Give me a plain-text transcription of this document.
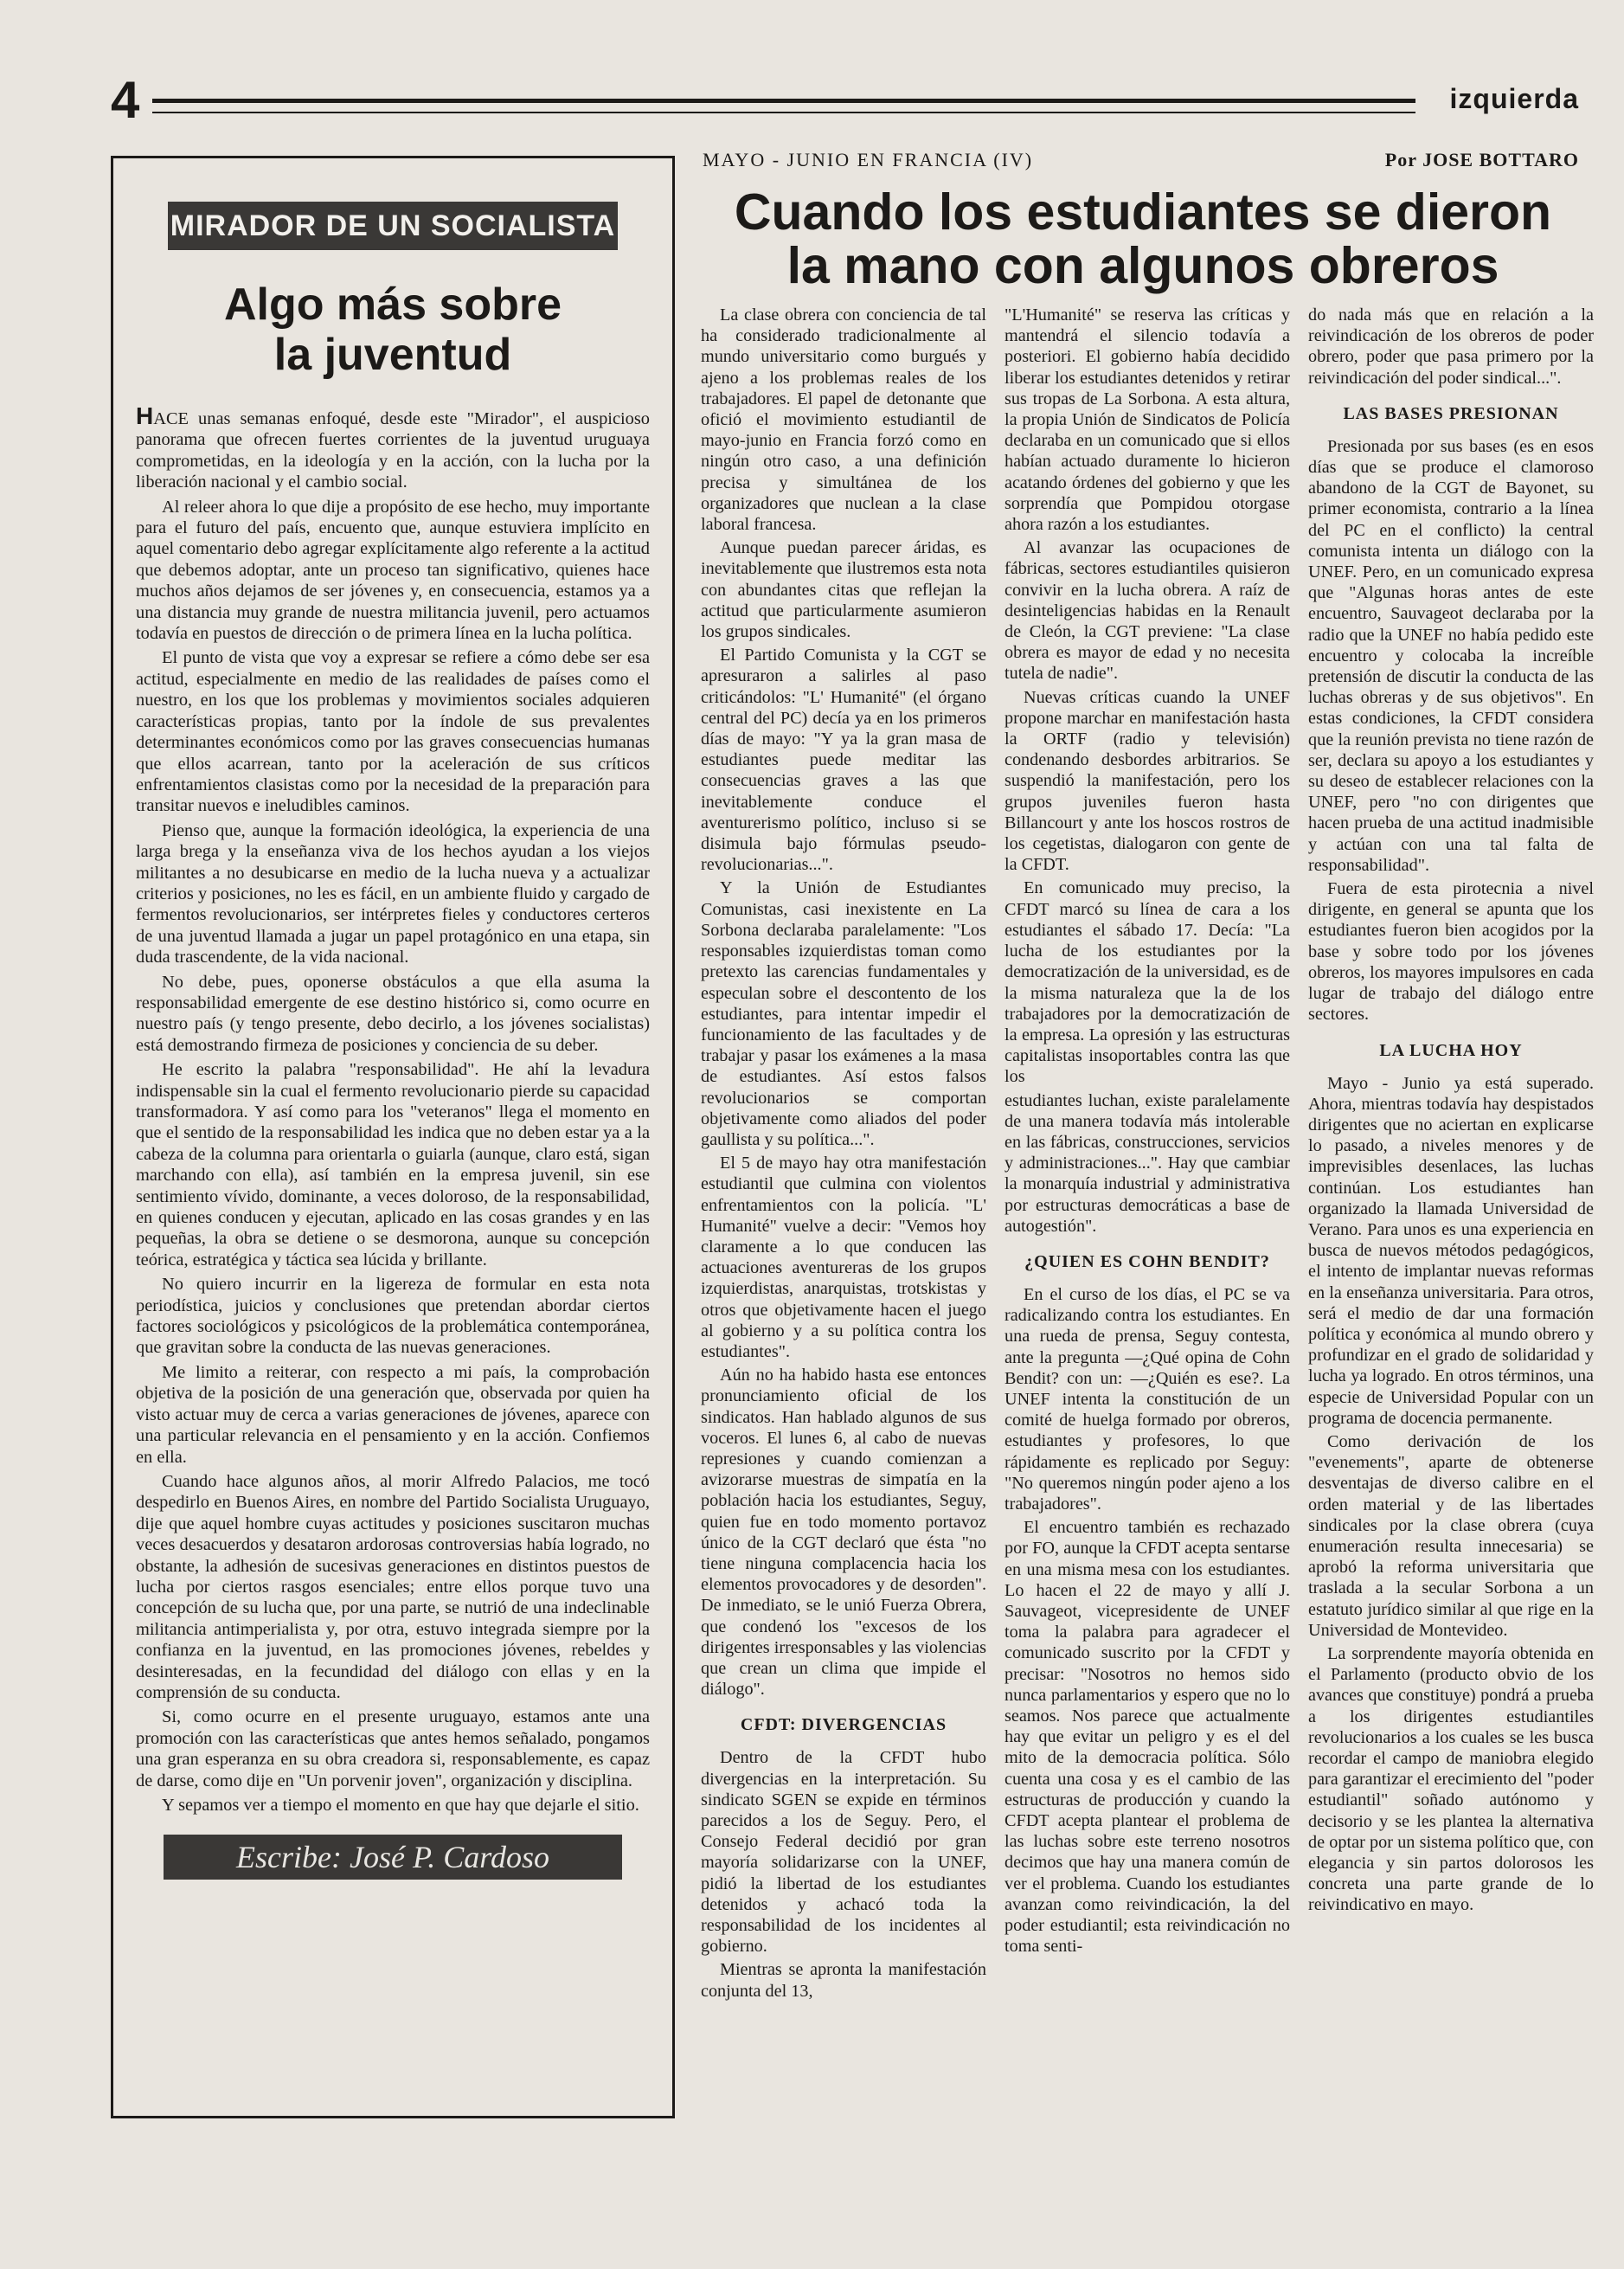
4	izquierda
MIRADOR DE UN SOCIALISTA
Algo más sobre
la juventud

HACE unas semanas enfoqué, desde este "Mirador", el auspicioso panorama que ofrecen fuertes corrientes de la juventud uruguaya comprometidas, en la ideología y en la acción, con la lucha por la liberación nacional y el cambio social.

Al releer ahora lo que dije a propósito de ese hecho, muy importante para el futuro del país, encuento que, aunque estuviera implícito en aquel comentario debo agregar explícitamente algo referente a la actitud que debemos adoptar, ante un proceso tan significativo, quienes hace muchos años dejamos de ser jóvenes y, en consecuencia, estamos ya a una distancia muy grande de nuestra militancia juvenil, pero actuamos todavía en puestos de dirección o de primera línea en la lucha política.

El punto de vista que voy a expresar se refiere a cómo debe ser esa actitud, especialmente en medio de las realidades de países como el nuestro, en los que los problemas y movimientos sociales adquieren características propias, tanto por la índole de sus prevalentes determinantes económicos como por las graves consecuencias humanas que ellos acarrean, tanto por la aceleración de sus críticos enfrentamientos clasistas como por la necesidad de la preparación para transitar nuevos e ineludibles caminos.

Pienso que, aunque la formación ideológica, la experiencia de una larga brega y la enseñanza viva de los hechos ayudan a los viejos militantes a no desubicarse en medio de la lucha nueva y a actualizar criterios y posiciones, no les es fácil, en un ambiente fluido y cargado de fermentos revolucionarios, ser intérpretes fieles y conductores certeros de una juventud llamada a jugar un papel protagónico en una etapa, sin duda trascendente, de la vida nacional.

No debe, pues, oponerse obstáculos a que ella asuma la responsabilidad emergente de ese destino histórico si, como ocurre en nuestro país (y tengo presente, debo decirlo, a los jóvenes socialistas) está demostrando firmeza de posiciones y conciencia de su deber.

He escrito la palabra "responsabilidad". He ahí la levadura indispensable sin la cual el fermento revolucionario pierde su capacidad transformadora. Y así como para los "veteranos" llega el momento en que el sentido de la responsabilidad les indica que no deben estar ya a la cabeza de la columna para orientarla o guiarla (aunque, claro está, sigan marchando con ella), así también en la empresa juvenil, sin ese sentimiento vívido, dominante, a veces doloroso, de la responsabilidad, en quienes conducen y ejecutan, aplicado en las cosas grandes y en las pequeñas, la obra se detiene o se desmorona, aunque su concepción teórica, estratégica y táctica sea lúcida y brillante.

No quiero incurrir en la ligereza de formular en esta nota periodística, juicios y conclusiones que pretendan abordar ciertos factores sociológicos y psicológicos de la problemática contemporánea, que gravitan sobre la conducta de las nuevas generaciones.

Me limito a reiterar, con respecto a mi país, la comprobación objetiva de la posición de una generación que, observada por quien ha visto actuar muy de cerca a varias generaciones de jóvenes, aparece con una particular relevancia en el pensamiento y en la acción. Confiemos en ella.

Cuando hace algunos años, al morir Alfredo Palacios, me tocó despedirlo en Buenos Aires, en nombre del Partido Socialista Uruguayo, dije que aquel hombre cuyas actitudes y posiciones suscitaron muchas veces desacuerdos y desataron ardorosas controversias había logrado, no obstante, la adhesión de sucesivas generaciones en distintos puestos de lucha por ciertos rasgos esenciales; entre ellos porque tuvo una concepción de su lucha que, por una parte, se nutrió de una indeclinable militancia antimperialista y, por otra, estuvo integrada siempre por la confianza en la juventud, en las promociones jóvenes, rebeldes y desinteresadas, en la fecundidad del diálogo con ellas y en la comprensión de su conducta.

Si, como ocurre en el presente uruguayo, estamos ante una promoción con las características que antes hemos señalado, pongamos una gran esperanza en su obra creadora si, responsablemente, es capaz de darse, como dije en "Un porvenir joven", organización y disciplina.

Y sepamos ver a tiempo el momento en que hay que dejarle el sitio.

Escribe: José P. Cardoso
MAYO - JUNIO EN FRANCIA (IV)	Por JOSE BOTTARO
Cuando los estudiantes se dieron
la mano con algunos obreros

La clase obrera con conciencia de tal ha considerado tradicionalmente al mundo universitario como burgués y ajeno a los problemas reales de los trabajadores. El papel de detonante que ofició el movimiento estudiantil de mayo-junio en Francia forzó como en ningún otro caso, a una definición precisa y simultánea de los organizadores que nuclean a la clase laboral francesa.

Aunque puedan parecer áridas, es inevitablemente que ilustremos esta nota con abundantes citas que reflejan la actitud que particularmente asumieron los grupos sindicales.

El Partido Comunista y la CGT se apresuraron a salirles al paso criticándolos: "L' Humanité" (el órgano central del PC) decía ya en los primeros días de mayo: "Y ya la gran masa de estudiantes puede meditar las consecuencias graves a las que inevitablemente conduce el aventurerismo político, incluso si se disimula bajo fórmulas pseudo-revolucionarias...".

Y la Unión de Estudiantes Comunistas, casi inexistente en La Sorbona declaraba paralelamente: "Los responsables izquierdistas toman como pretexto las carencias fundamentales y especulan sobre el descontento de los estudiantes, para intentar impedir el funcionamiento de las facultades y de trabajar y pasar los exámenes a la masa de estudiantes. Así estos falsos revolucionarios se comportan objetivamente como aliados del poder gaullista y su política...".

El 5 de mayo hay otra manifestación estudiantil que culmina con violentos enfrentamientos con la policía. "L' Humanité" vuelve a decir: "Vemos hoy claramente a lo que conducen las actuaciones aventureras de los grupos izquierdistas, anarquistas, trotskistas y otros que objetivamente hacen el juego al gobierno y a su política contra los estudiantes".

Aún no ha habido hasta ese entonces pronunciamiento oficial de los sindicatos. Han hablado algunos de sus voceros. El lunes 6, al cabo de nuevas represiones y cuando comienzan a avizorarse muestras de simpatía en la población hacia los estudiantes, Seguy, quien fue en todo momento portavoz único de la CGT declaró que ésta "no tiene ninguna complacencia hacia los elementos provocadores y de desorden". De inmediato, se le unió Fuerza Obrera, que condenó los "excesos de los dirigentes irresponsables y las violencias que crean un clima que impide el diálogo".

CFDT: DIVERGENCIAS

Dentro de la CFDT hubo divergencias en la interpretación. Su sindicato SGEN se expide en términos parecidos a los de Seguy. Pero, el Consejo Federal decidió por gran mayoría solidarizarse con la UNEF, pidió la libertad de los estudiantes detenidos y achacó toda la responsabilidad de los incidentes al gobierno.

Mientras se apronta la manifestación conjunta del 13,

"L'Humanité" se reserva las críticas y mantendrá el silencio todavía a posteriori. El gobierno había decidido liberar los estudiantes detenidos y retirar sus tropas de La Sorbona. A esta altura, la propia Unión de Sindicatos de Policía declaraba en un comunicado que si ellos habían actuado duramente lo hicieron acatando órdenes del gobierno y que les sorprendía que Pompidou otorgase ahora razón a los estudiantes.

Al avanzar las ocupaciones de fábricas, sectores estudiantiles quisieron convivir en la lucha obrera. A raíz de desinteligencias habidas en la Renault de Cleón, la CGT previene: "La clase obrera es mayor de edad y no necesita tutela de nadie".

Nuevas críticas cuando la UNEF propone marchar en manifestación hasta la ORTF (radio y televisión) condenando desbordes arbitrarios. Se suspendió la manifestación, pero los grupos juveniles fueron hasta Billancourt y ante los hoscos rostros de los cegetistas, dialogaron con gente de la CFDT.

En comunicado muy preciso, la CFDT marcó su línea de cara a los estudiantes el sábado 17. Decía: "La lucha de los estudiantes por la democratización de la universidad, es de la misma naturaleza que la de los trabajadores por la democratización de la empresa. La opresión y las estructuras capitalistas insoportables contra las que los

estudiantes luchan, existe paralelamente de una manera todavía más intolerable en las fábricas, construcciones, servicios y administraciones...". Hay que cambiar la monarquía industrial y administrativa por estructuras democráticas a base de autogestión".

¿QUIEN ES COHN BENDIT?

En el curso de los días, el PC se va radicalizando contra los estudiantes. En una rueda de prensa, Seguy contesta, ante la pregunta —¿Qué opina de Cohn Bendit? con un: —¿Quién es ese?. La UNEF intenta la constitución de un comité de huelga formado por obreros, estudiantes y profesores, lo que rápidamente es replicado por Seguy: "No queremos ningún poder ajeno a los trabajadores".

El encuentro también es rechazado por FO, aunque la CFDT acepta sentarse en una misma mesa con los estudiantes. Lo hacen el 22 de mayo y allí J. Sauvageot, vicepresidente de UNEF toma la palabra para agradecer el comunicado suscrito por la CFDT y precisar: "Nosotros no hemos sido nunca parlamentarios y espero que no lo seamos. Nos parece que actualmente hay que evitar un peligro y es el del mito de la democracia política. Sólo cuenta una cosa y es el cambio de las estructuras de producción y cuando la CFDT acepta plantear el problema de las luchas sobre este terreno nosotros decimos que hay una manera común de ver el problema. Cuando los estudiantes avanzan como reivindicación, la del poder estudiantil; esta reivindicación no toma senti-

do nada más que en relación a la reivindicación de los obreros de poder obrero, poder que pasa primero por la reivindicación del poder sindical...".

LAS BASES PRESIONAN

Presionada por sus bases (es en esos días que se produce el clamoroso abandono de la CGT de Bayonet, su primer economista, contrario a la línea del PC en el conflicto) la central comunista intenta un diálogo con la UNEF. Pero, en un comunicado expresa que "Algunas horas antes de este encuentro, Sauvageot declaraba por la radio que la UNEF no había pedido este encuentro y colocaba la increíble pretensión de discutir la conducta de las luchas obreras y de sus objetivos". En estas condiciones, la CFDT considera que la reunión prevista no tiene razón de ser, declara su apoyo a los estudiantes y su deseo de establecer relaciones con la UNEF, pero "no con dirigentes que hacen prueba de una actitud inadmisible y actúan con una tal falta de responsabilidad".

Fuera de esta pirotecnia a nivel dirigente, en general se apunta que los estudiantes fueron bien acogidos por la base y sobre todo por los jóvenes obreros, los mayores impulsores en cada lugar de trabajo del diálogo entre sectores.

LA LUCHA HOY

Mayo - Junio ya está superado. Ahora, mientras todavía hay despistados dirigentes que no aciertan en explicarse lo pasado, a niveles menores y de imprevisibles desenlaces, las luchas continúan. Los estudiantes han organizado la llamada Universidad de Verano. Para unos es una experiencia en busca de nuevos métodos pedagógicos, el intento de implantar nuevas reformas en la enseñanza universitaria. Para otros, será el medio de dar una formación política y económica al mundo obrero y profundizar en el grado de solidaridad y lucha ya logrado. En otros términos, una especie de Universidad Popular con un programa de docencia permanente.

Como derivación de los "evenements", aparte de obtenerse desventajas de diverso calibre en el orden material y de las libertades sindicales por la clase obrera (cuya enumeración resulta innecesaria) se aprobó la reforma universitaria que traslada a la secular Sorbona a un estatuto jurídico similar al que rige en la Universidad de Montevideo.

La sorprendente mayoría obtenida en el Parlamento (producto obvio de los avances que constituye) pondrá a prueba a los dirigentes estudiantiles revolucionarios a los cuales se les busca recordar el campo de maniobra elegido para garantizar el erecimiento del "poder estudiantil" soñado autónomo y decisorio y se les plantea la alternativa de optar por un sistema político que, con elegancia y sin partos dolorosos les concreta una parte grande de lo reivindicativo en mayo.
